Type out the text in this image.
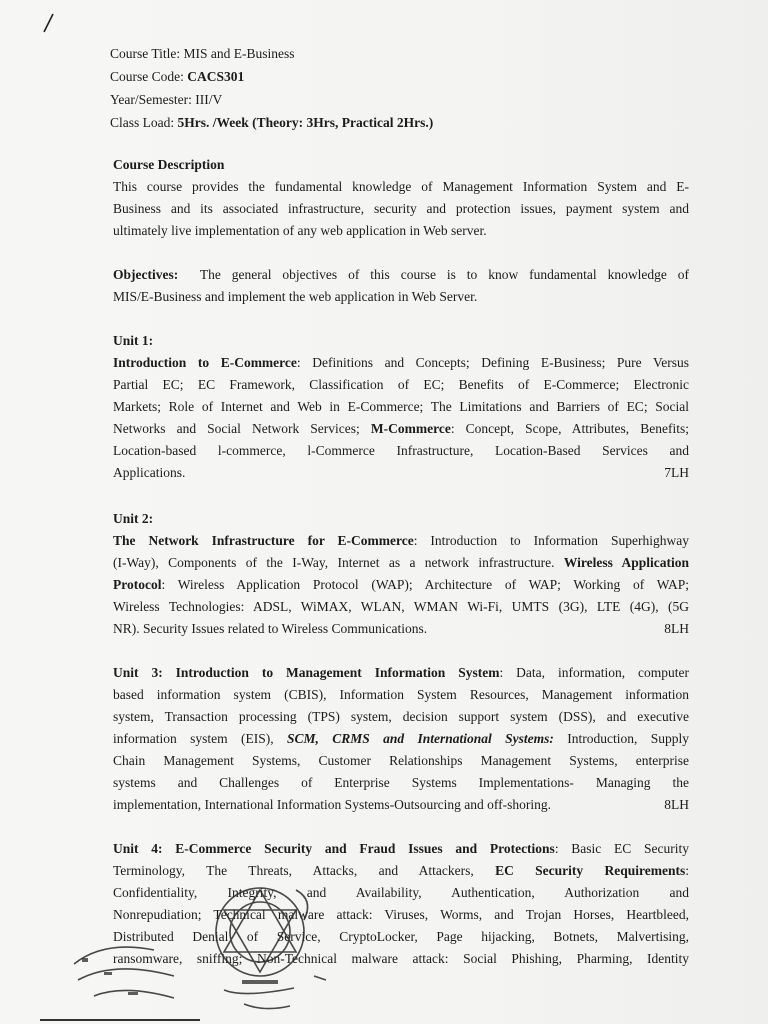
Course Title: MIS and E-Business
Course Code: CACS301
Year/Semester: III/V
Class Load: 5Hrs. /Week (Theory: 3Hrs, Practical 2Hrs.)
Course Description
This course provides the fundamental knowledge of Management Information System and E-
Business and its associated infrastructure, security and protection issues, payment system and
ultimately live implementation of any web application in Web server.
Objectives: The general objectives of this course is to know fundamental knowledge of
MIS/E-Business and implement the web application in Web Server.
Unit 1:
Introduction to E-Commerce: Definitions and Concepts; Defining E-Business; Pure Versus
Partial EC; EC Framework, Classification of EC; Benefits of E-Commerce; Electronic
Markets; Role of Internet and Web in E-Commerce; The Limitations and Barriers of EC; Social
Networks and Social Network Services; M-Commerce: Concept, Scope, Attributes, Benefits;
Location-based l-commerce, l-Commerce Infrastructure, Location-Based Services and
Applications.	7LH
Unit 2:
The Network Infrastructure for E-Commerce: Introduction to Information Superhighway
(I-Way), Components of the I-Way, Internet as a network infrastructure. Wireless Application
Protocol: Wireless Application Protocol (WAP); Architecture of WAP; Working of WAP;
Wireless Technologies: ADSL, WiMAX, WLAN, WMAN Wi-Fi, UMTS (3G), LTE (4G), (5G
NR). Security Issues related to Wireless Communications.	8LH
Unit 3: Introduction to Management Information System: Data, information, computer
based information system (CBIS), Information System Resources, Management information
system, Transaction processing (TPS) system, decision support system (DSS), and executive
information system (EIS), SCM, CRMS and International Systems: Introduction, Supply
Chain Management Systems, Customer Relationships Management Systems, enterprise
systems and Challenges of Enterprise Systems Implementations- Managing the
implementation, International Information Systems-Outsourcing and off-shoring.	8LH
Unit 4: E-Commerce Security and Fraud Issues and Protections: Basic EC Security
Terminology, The Threats, Attacks, and Attackers, EC Security Requirements:
Confidentiality, Integrity, and Availability, Authentication, Authorization and
Nonrepudiation; Technical malware attack: Viruses, Worms, and Trojan Horses, Heartbleed,
Distributed Denial of Service, CryptoLocker, Page hijacking, Botnets, Malvertising,
ransomware, sniffing; Non-Technical malware attack: Social Phishing, Pharming, Identity
